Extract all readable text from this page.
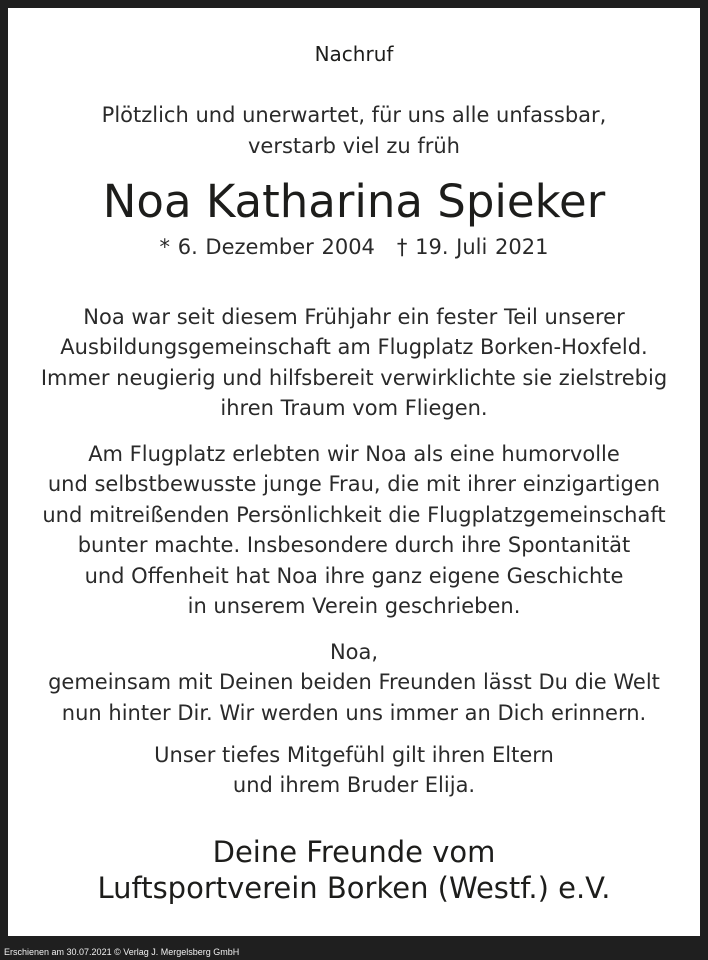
Nachruf
Plötzlich und unerwartet, für uns alle unfassbar,
verstarb viel zu früh
Noa Katharina Spieker
* 6. Dezember 2004 † 19. Juli 2021
Noa war seit diesem Frühjahr ein fester Teil unserer
Ausbildungsgemeinschaft am Flugplatz Borken-Hoxfeld.
Immer neugierig und hilfsbereit verwirklichte sie zielstrebig
ihren Traum vom Fliegen.
Am Flugplatz erlebten wir Noa als eine humorvolle
und selbstbewusste junge Frau, die mit ihrer einzigartigen
und mitreißenden Persönlichkeit die Flugplatzgemeinschaft
bunter machte. Insbesondere durch ihre Spontanität
und Offenheit hat Noa ihre ganz eigene Geschichte
in unserem Verein geschrieben.
Noa,
gemeinsam mit Deinen beiden Freunden lässt Du die Welt
nun hinter Dir. Wir werden uns immer an Dich erinnern.
Unser tiefes Mitgefühl gilt ihren Eltern
und ihrem Bruder Elija.
Deine Freunde vom
Luftsportverein Borken (Westf.) e.V.
Erschienen am 30.07.2021 © Verlag J. Mergelsberg GmbH
